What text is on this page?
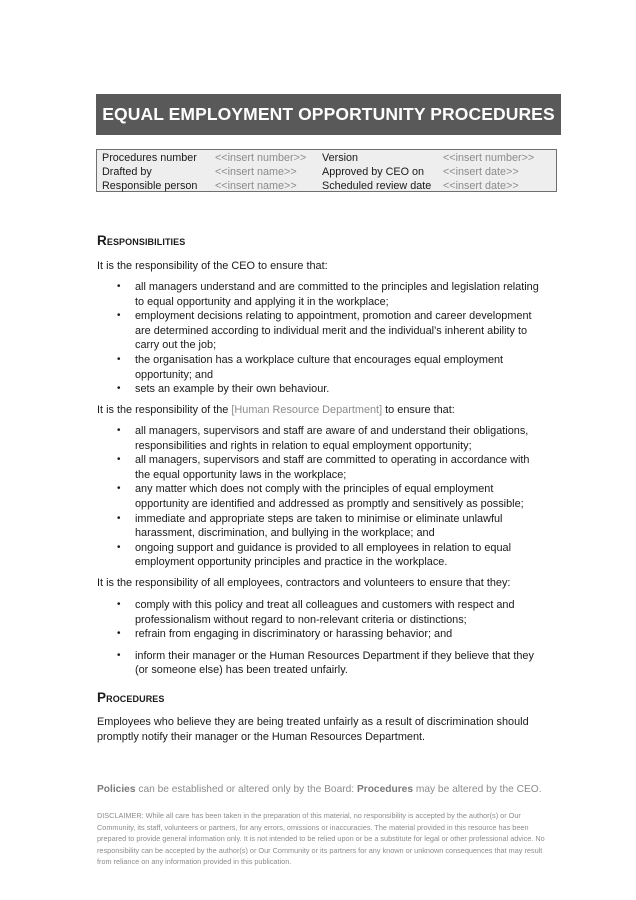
EQUAL EMPLOYMENT OPPORTUNITY PROCEDURES
Procedures number <<insert number>> Version	<<insert number>>
Drafted by	<<insert name>> Approved by CEO on <<insert date>>
Responsible person <<insert name>> Scheduled review date <<insert date>>
Responsibilities
It is the responsibility of the CEO to ensure that:
• all managers understand and are committed to the principles and legislation relating to equal opportunity and applying it in the workplace;
• employment decisions relating to appointment, promotion and career development are determined according to individual merit and the individual’s inherent ability to carry out the job;
• the organisation has a workplace culture that encourages equal employment opportunity; and
• sets an example by their own behaviour.
It is the responsibility of the [Human Resource Department] to ensure that:
• all managers, supervisors and staff are aware of and understand their obligations, responsibilities and rights in relation to equal employment opportunity;
• all managers, supervisors and staff are committed to operating in accordance with the equal opportunity laws in the workplace;
• any matter which does not comply with the principles of equal employment opportunity are identified and addressed as promptly and sensitively as possible;
• immediate and appropriate steps are taken to minimise or eliminate unlawful harassment, discrimination, and bullying in the workplace; and
• ongoing support and guidance is provided to all employees in relation to equal employment opportunity principles and practice in the workplace.
It is the responsibility of all employees, contractors and volunteers to ensure that they:
• comply with this policy and treat all colleagues and customers with respect and professionalism without regard to non-relevant criteria or distinctions;
• refrain from engaging in discriminatory or harassing behavior; and
• inform their manager or the Human Resources Department if they believe that they (or someone else) has been treated unfairly.
Procedures
Employees who believe they are being treated unfairly as a result of discrimination should promptly notify their manager or the Human Resources Department.
Policies can be established or altered only by the Board: Procedures may be altered by the CEO.
DISCLAIMER: While all care has been taken in the preparation of this material, no responsibility is accepted by the author(s) or Our Community, its staff, volunteers or partners, for any errors, omissions or inaccuracies. The material provided in this resource has been prepared to provide general information only. It is not intended to be relied upon or be a substitute for legal or other professional advice. No responsibility can be accepted by the author(s) or Our Community or its partners for any known or unknown consequences that may result from reliance on any information provided in this publication.
